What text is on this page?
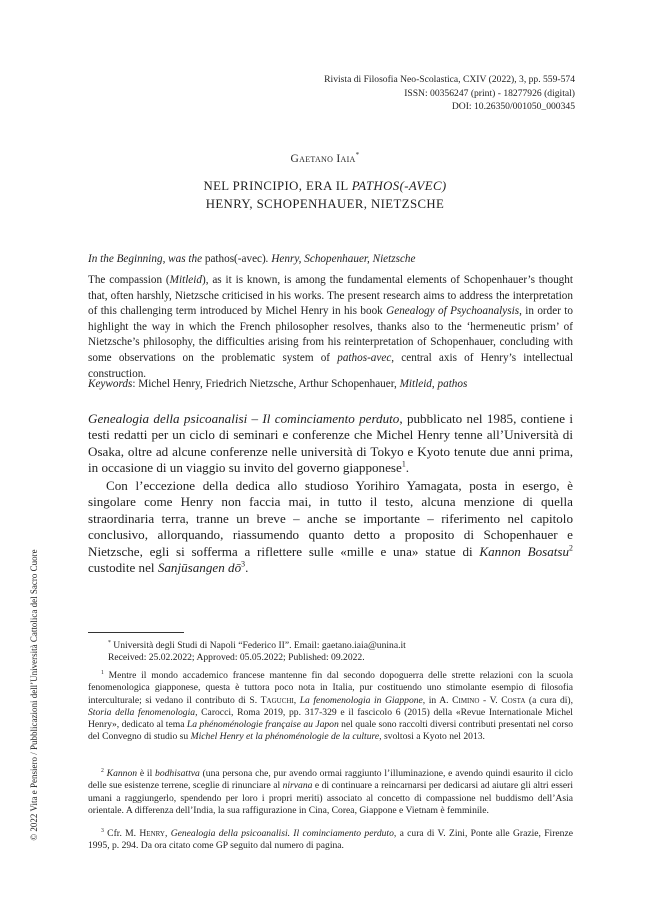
Rivista di Filosofia Neo-Scolastica, CXIV (2022), 3, pp. 559-574
ISSN: 00356247 (print) - 18277926 (digital)
DOI: 10.26350/001050_000345
Gaetano Iaia*
NEL PRINCIPIO, ERA IL PATHOS(-AVEC)
HENRY, SCHOPENHAUER, NIETZSCHE
In the Beginning, was the pathos(-avec). Henry, Schopenhauer, Nietzsche
The compassion (Mitleid), as it is known, is among the fundamental elements of Schopenhauer’s thought that, often harshly, Nietzsche criticised in his works. The present research aims to address the interpretation of this challenging term introduced by Michel Henry in his book Genealogy of Psychoanalysis, in order to highlight the way in which the French philosopher resolves, thanks also to the ‘hermeneutic prism’ of Nietzsche’s philosophy, the difficulties arising from his reinterpretation of Schopenhauer, concluding with some observations on the problematic system of pathos-avec, central axis of Henry’s intellectual construction.
Keywords: Michel Henry, Friedrich Nietzsche, Arthur Schopenhauer, Mitleid, pathos
Genealogia della psicoanalisi – Il cominciamento perduto, pubblicato nel 1985, contiene i testi redatti per un ciclo di seminari e conferenze che Michel Henry tenne all’Università di Osaka, oltre ad alcune conferenze nelle università di Tokyo e Kyoto tenute due anni prima, in occasione di un viaggio su invito del governo giapponese$^1$.
Con l’eccezione della dedica allo studioso Yorihiro Yamagata, posta in esergo, è singolare come Henry non faccia mai, in tutto il testo, alcuna menzione di quella straordinaria terra, tranne un breve – anche se importante – riferimento nel capitolo conclusivo, allorquando, riassumendo quanto detto a proposito di Schopenhauer e Nietzsche, egli si sofferma a riflettere sulle «mille e una» statue di Kannon Bosatsu$^2$ custodite nel Sanjūsangen $dō^3$.
* Università degli Studi di Napoli “Federico II”. Email: gaetano.iaia@unina.it
Received: 25.02.2022; Approved: 05.05.2022; Published: 09.2022.
$^1$ Mentre il mondo accademico francese mantenne fin dal secondo dopoguerra delle strette relazioni con la scuola fenomenologica giapponese, questa è tuttora poco nota in Italia, pur costituendo uno stimolante esempio di filosofia interculturale; si vedano il contributo di S. Taguchi, La fenomenologia in Giappone, in A. Cimino - V. Costa (a cura di), Storia della fenomenologia, Carocci, Roma 2019, pp. 317-329 e il fascicolo 6 (2015) della «Revue Internationale Michel Henry», dedicato al tema La phénoménologie française au Japon nel quale sono raccolti diversi contributi presentati nel corso del Convegno di studio su Michel Henry et la phénoménologie de la culture, svoltosi a Kyoto nel 2013.
$^2$ Kannon è il bodhisattva (una persona che, pur avendo ormai raggiunto l’illuminazione, e avendo quindi esaurito il ciclo delle sue esistenze terrene, sceglie di rinunciare al nirvana e di continuare a reincarnarsi per dedicarsi ad aiutare gli altri esseri umani a raggiungerlo, spendendo per loro i propri meriti) associato al concetto di compassione nel buddismo dell’Asia orientale. A differenza dell’India, la sua raffigurazione in Cina, Corea, Giappone e Vietnam è femminile.
$^3$ Cfr. M. Henry, Genealogia della psicoanalisi. Il cominciamento perduto, a cura di V. Zini, Ponte alle Grazie, Firenze 1995, p. 294. Da ora citato come GP seguito dal numero di pagina.
© 2022 Vita e Pensiero / Pubblicazioni dell’Università Cattolica del Sacro Cuore
